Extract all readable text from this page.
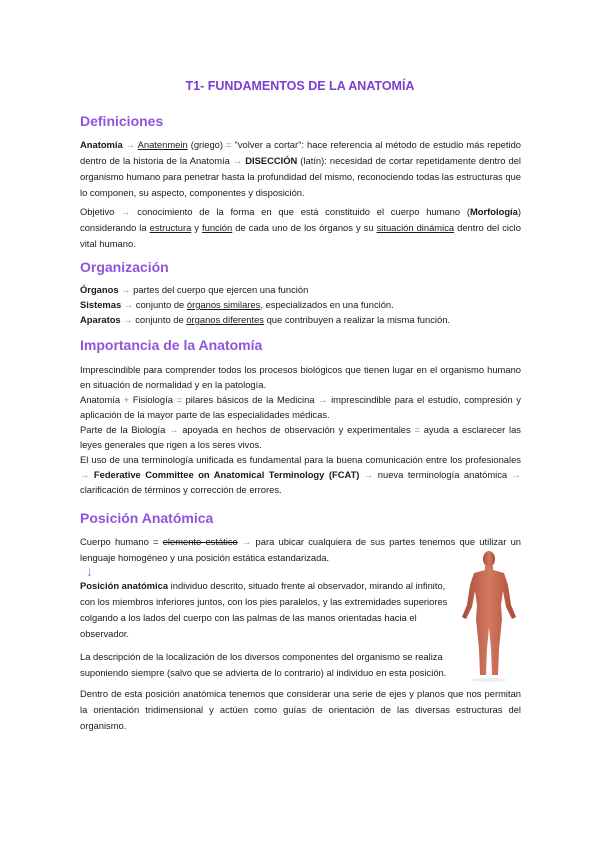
T1- FUNDAMENTOS DE LA ANATOMÍA
Definiciones
Anatomía → Anatenmein (griego) = "volver a cortar": hace referencia al método de estudio más repetido dentro de la historia de la Anatomía → DISECCIÓN (latín): necesidad de cortar repetidamente dentro del organismo humano para penetrar hasta la profundidad del mismo, reconociendo todas las estructuras que lo componen, su aspecto, componentes y disposición.
Objetivo → conocimiento de la forma en que está constituido el cuerpo humano (Morfología) considerando la estructura y función de cada uno de los órganos y su situación dinámica dentro del ciclo vital humano.
Organización
Órganos → partes del cuerpo que ejercen una función
Sistemas → conjunto de órganos similares, especializados en una función.
Aparatos → conjunto de órganos diferentes que contribuyen a realizar la misma función.
Importancia de la Anatomía
Imprescindible para comprender todos los procesos biológicos que tienen lugar en el organismo humano en situación de normalidad y en la patología.
Anatomía + Fisiología = pilares básicos de la Medicina → imprescindible para el estudio, compresión y aplicación de la mayor parte de las especialidades médicas.
Parte de la Biología → apoyada en hechos de observación y experimentales = ayuda a esclarecer las leyes generales que rigen a los seres vivos.
El uso de una terminología unificada es fundamental para la buena comunicación entre los profesionales → Federative Committee on Anatomical Terminology (FCAT) → nueva terminología anatómica → clarificación de términos y corrección de errores.
Posición Anatómica
Cuerpo humano = elemento estático → para ubicar cualquiera de sus partes tenemos que utilizar un lenguaje homogéneo y una posición estática estandarizada.
↓
Posición anatómica individuo descrito, situado frente al observador, mirando al infinito, con los miembros inferiores juntos, con los pies paralelos, y las extremidades superiores colgando a los lados del cuerpo con las palmas de las manos orientadas hacia el observador.
La descripción de la localización de los diversos componentes del organismo se realiza suponiendo siempre (salvo que se advierta de lo contrario) al individuo en esta posición.
Dentro de esta posición anatómica tenemos que considerar una serie de ejes y planos que nos permitan la orientación tridimensional y actúen como guías de orientación de las diversas estructuras del organismo.
